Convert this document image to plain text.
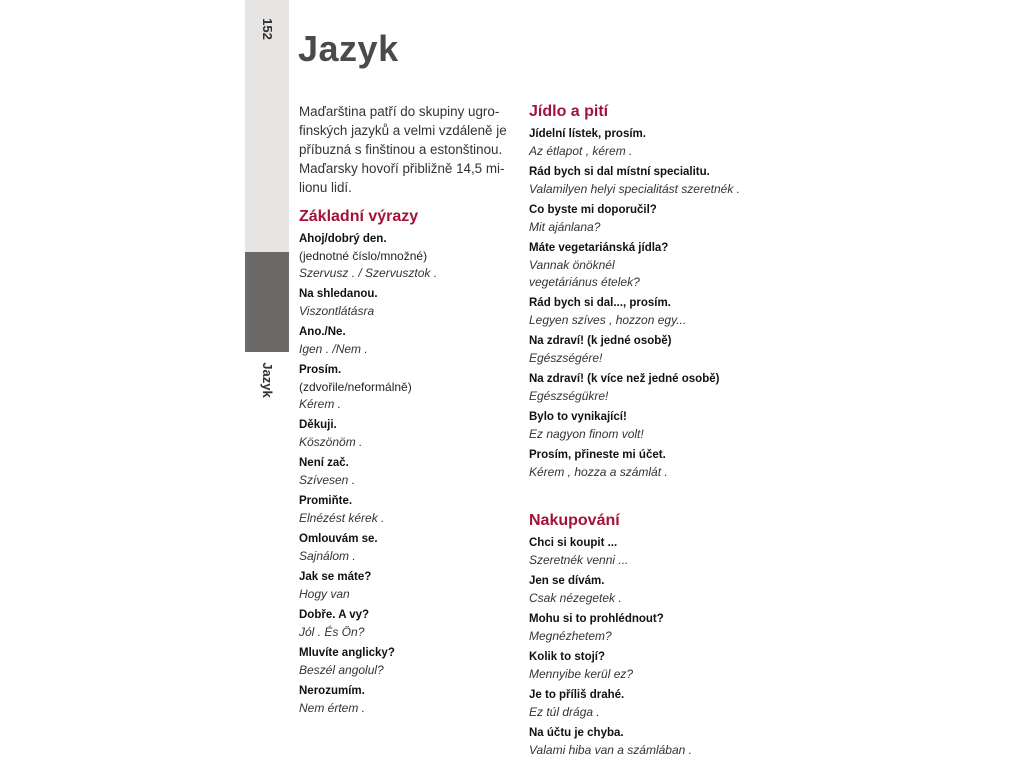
152
Jazyk
Jazyk

Maďarština patří do skupiny ugrofinských jazyků a velmi vzdáleně je příbuzná s finštinou a estonštinou. Maďarsky hovoří přibližně 14,5 milionu lidí.

Základní výrazy
Ahoj/dobrý den.
(jednotné číslo/množné)
Szervusz . / Szervusztok .
Na shledanou.
Viszontlátásra
Ano./Ne.
Igen . /Nem .
Prosím.
(zdvořile/neformálně)
Kérem .
Děkuji.
Köszönöm .
Není zač.
Szívesen .
Promiňte.
Elnézést kérek .
Omlouvám se.
Sajnálom .
Jak se máte?
Hogy van
Dobře. A vy?
Jól . És Ön?
Mluvíte anglicky?
Beszél angolul?
Nerozumím.
Nem értem .
Jídlo a pití
Jídelní lístek, prosím.
Az étlapot , kérem .
Rád bych si dal místní specialitu.
Valamilyen helyi specialitást szeretnék .
Co byste mi doporučil?
Mit ajánlana?
Máte vegetariánská jídla?
Vannak önöknél
vegetáriánus ételek?
Rád bych si dal..., prosím.
Legyen szíves , hozzon egy...
Na zdraví! (k jedné osobě)
Egészségére!
Na zdraví! (k více než jedné osobě)
Egészségükre!
Bylo to vynikající!
Ez nagyon finom volt!
Prosím, přineste mi účet.
Kérem , hozza a számlát .
Nakupování
Chci si koupit ...
Szeretnék venni ...
Jen se dívám.
Csak nézegetek .
Mohu si to prohlédnout?
Megnézhetem?
Kolik to stojí?
Mennyibe kerül ez?
Je to příliš drahé.
Ez túl drága .
Na účtu je chyba.
Valami hiba van a számlában .
